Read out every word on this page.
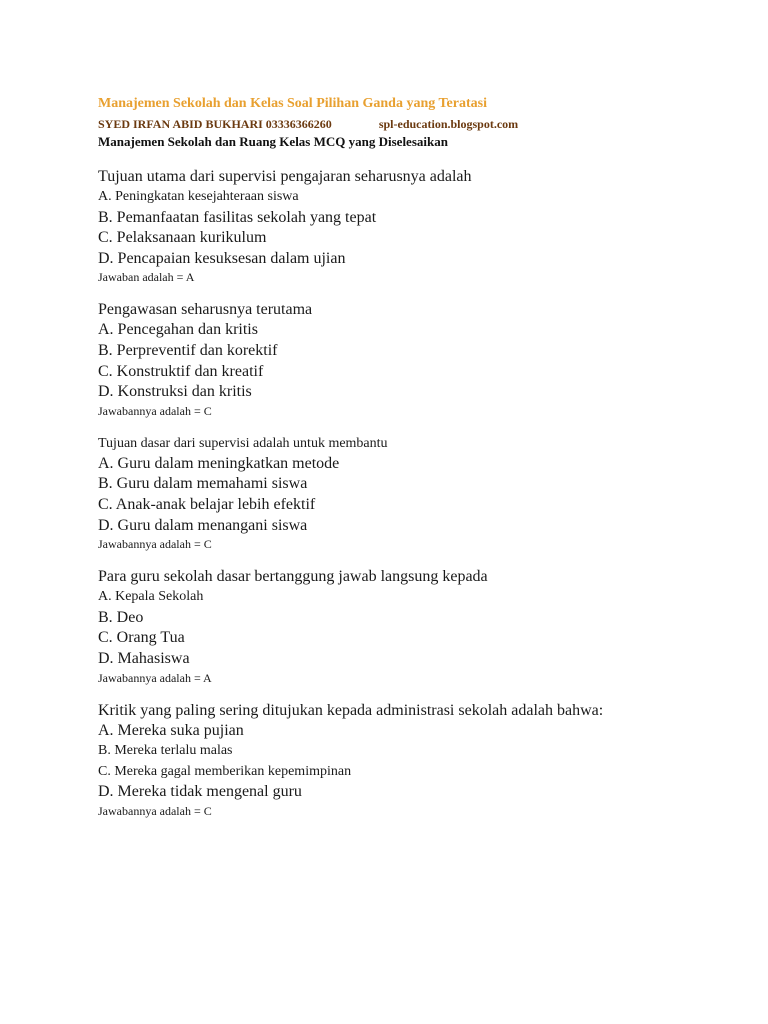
Manajemen Sekolah dan Kelas Soal Pilihan Ganda yang Teratasi
SYED IRFAN ABID BUKHARI 03336366260	spl-education.blogspot.com
Manajemen Sekolah dan Ruang Kelas MCQ yang Diselesaikan
Tujuan utama dari supervisi pengajaran seharusnya adalah
A. Peningkatan kesejahteraan siswa
B. Pemanfaatan fasilitas sekolah yang tepat
C. Pelaksanaan kurikulum
D. Pencapaian kesuksesan dalam ujian
Jawaban adalah = A
Pengawasan seharusnya terutama
A. Pencegahan dan kritis
B. Perpreventif dan korektif
C. Konstruktif dan kreatif
D. Konstruksi dan kritis
Jawabannya adalah = C
Tujuan dasar dari supervisi adalah untuk membantu
A. Guru dalam meningkatkan metode
B. Guru dalam memahami siswa
C. Anak-anak belajar lebih efektif
D. Guru dalam menangani siswa
Jawabannya adalah = C
Para guru sekolah dasar bertanggung jawab langsung kepada
A. Kepala Sekolah
B. Deo
C. Orang Tua
D. Mahasiswa
Jawabannya adalah = A
Kritik yang paling sering ditujukan kepada administrasi sekolah adalah bahwa:
A. Mereka suka pujian
B. Mereka terlalu malas
C. Mereka gagal memberikan kepemimpinan
D. Mereka tidak mengenal guru
Jawabannya adalah = C
